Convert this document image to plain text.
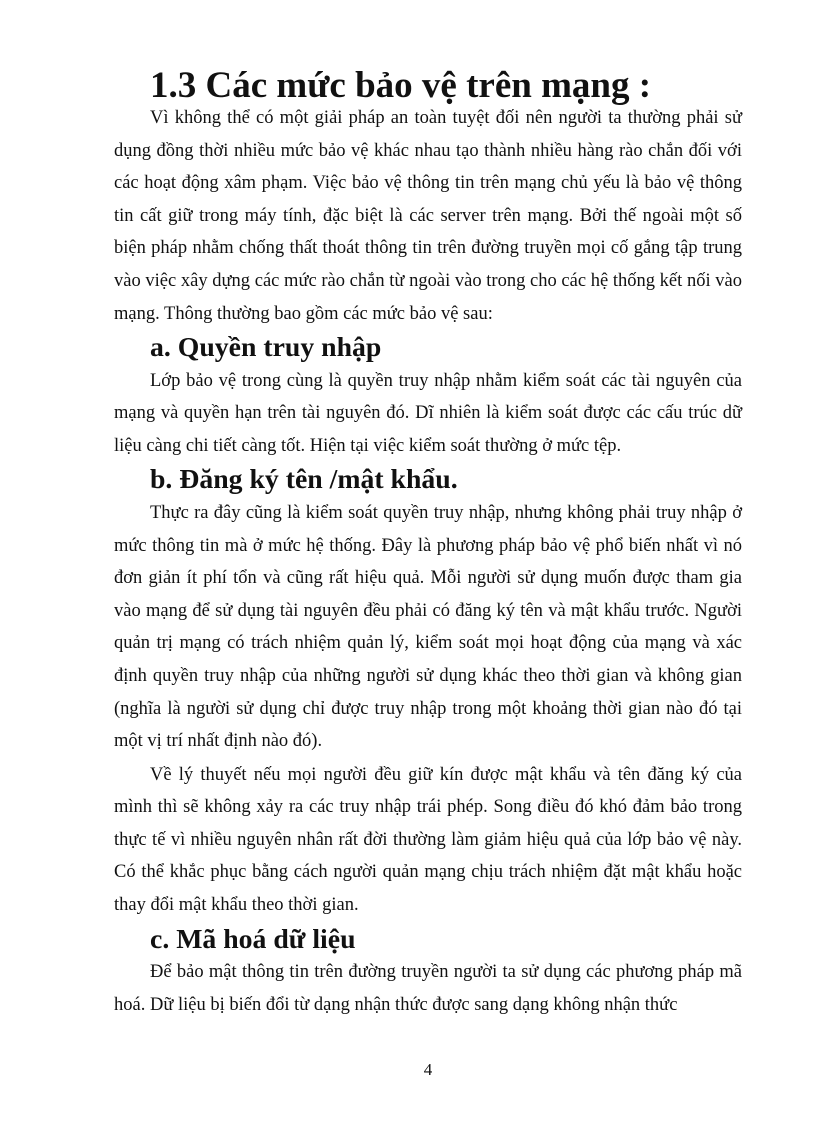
1.3 Các mức bảo vệ trên mạng :

Vì không thể có một giải pháp an toàn tuyệt đối nên người ta thường phải sử dụng đồng thời nhiều mức bảo vệ khác nhau tạo thành nhiều hàng rào chắn đối với các hoạt động xâm phạm. Việc bảo vệ thông tin trên mạng chủ yếu là bảo vệ thông tin cất giữ trong máy tính, đặc biệt là các server trên mạng. Bởi thế ngoài một số biện pháp nhằm chống thất thoát thông tin trên đường truyền mọi cố gắng tập trung vào việc xây dựng các mức rào chắn từ ngoài vào trong cho các hệ thống kết nối vào mạng. Thông thường bao gồm các mức bảo vệ sau:

a. Quyền truy nhập

Lớp bảo vệ trong cùng là quyền truy nhập nhằm kiểm soát các tài nguyên của mạng và quyền hạn trên tài nguyên đó. Dĩ nhiên là kiểm soát được các cấu trúc dữ liệu càng chi tiết càng tốt. Hiện tại việc kiểm soát thường ở mức tệp.

b. Đăng ký tên /mật khẩu.

Thực ra đây cũng là kiểm soát quyền truy nhập, nhưng không phải truy nhập ở mức thông tin mà ở mức hệ thống. Đây là phương pháp bảo vệ phổ biến nhất vì nó đơn giản ít phí tổn và cũng rất hiệu quả. Mỗi người sử dụng muốn được tham gia vào mạng để sử dụng tài nguyên đều phải có đăng ký tên và mật khẩu trước. Người quản trị mạng có trách nhiệm quản lý, kiểm soát mọi hoạt động của mạng và xác định quyền truy nhập của những người sử dụng khác theo thời gian và không gian (nghĩa là người sử dụng chỉ được truy nhập trong một khoảng thời gian nào đó tại một vị trí nhất định nào đó).

Về lý thuyết nếu mọi người đều giữ kín được mật khẩu và tên đăng ký của mình thì sẽ không xảy ra các truy nhập trái phép. Song điều đó khó đảm bảo trong thực tế vì nhiều nguyên nhân rất đời thường làm giảm hiệu quả của lớp bảo vệ này. Có thể khắc phục bằng cách người quản mạng chịu trách nhiệm đặt mật khẩu hoặc thay đổi mật khẩu theo thời gian.

c. Mã hoá dữ liệu

Để bảo mật thông tin trên đường truyền người ta sử dụng các phương pháp mã hoá. Dữ liệu bị biến đổi từ dạng nhận thức được sang dạng không nhận thức

4
